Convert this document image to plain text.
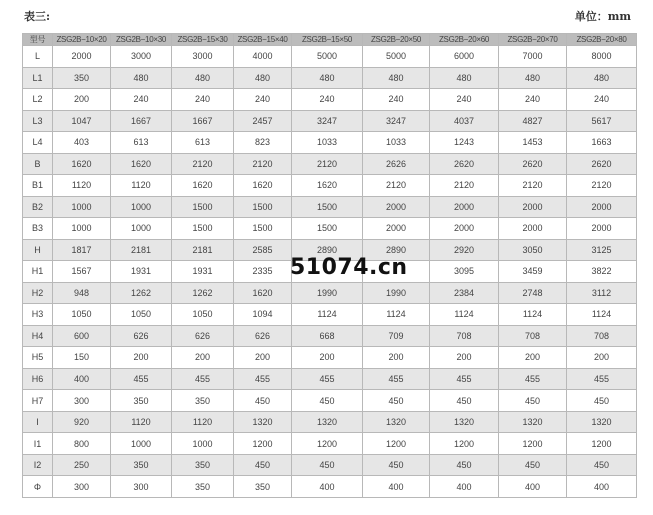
表三:	单位：mm
型号	ZSG2B−10×20	ZSG2B−10×30	ZSG2B−15×30	ZSG2B−15×40	ZSG2B−15×50	ZSG2B−20×50	ZSG2B−20×60	ZSG2B−20×70	ZSG2B−20×80
L	2000	3000	3000	4000	5000	5000	6000	7000	8000
L1	350	480	480	480	480	480	480	480	480
L2	200	240	240	240	240	240	240	240	240
L3	1047	1667	1667	2457	3247	3247	4037	4827	5617
L4	403	613	613	823	1033	1033	1243	1453	1663
B	1620	1620	2120	2120	2120	2626	2620	2620	2620
B1	1120	1120	1620	1620	1620	2120	2120	2120	2120
B2	1000	1000	1500	1500	1500	2000	2000	2000	2000
B3	1000	1000	1500	1500	1500	2000	2000	2000	2000
H	1817	2181	2181	2585	2890	2890	2920	3050	3125
H1	1567	1931	1931	2335			3095	3459	3822
H2	948	1262	1262	1620	1990	1990	2384	2748	3112
H3	1050	1050	1050	1094	1124	1124	1124	1124	1124
H4	600	626	626	626	668	709	708	708	708
H5	150	200	200	200	200	200	200	200	200
H6	400	455	455	455	455	455	455	455	455
H7	300	350	350	450	450	450	450	450	450
I	920	1120	1120	1320	1320	1320	1320	1320	1320
I1	800	1000	1000	1200	1200	1200	1200	1200	1200
I2	250	350	350	450	450	450	450	450	450
Φ	300	300	350	350	400	400	400	400	400
51074.cn
